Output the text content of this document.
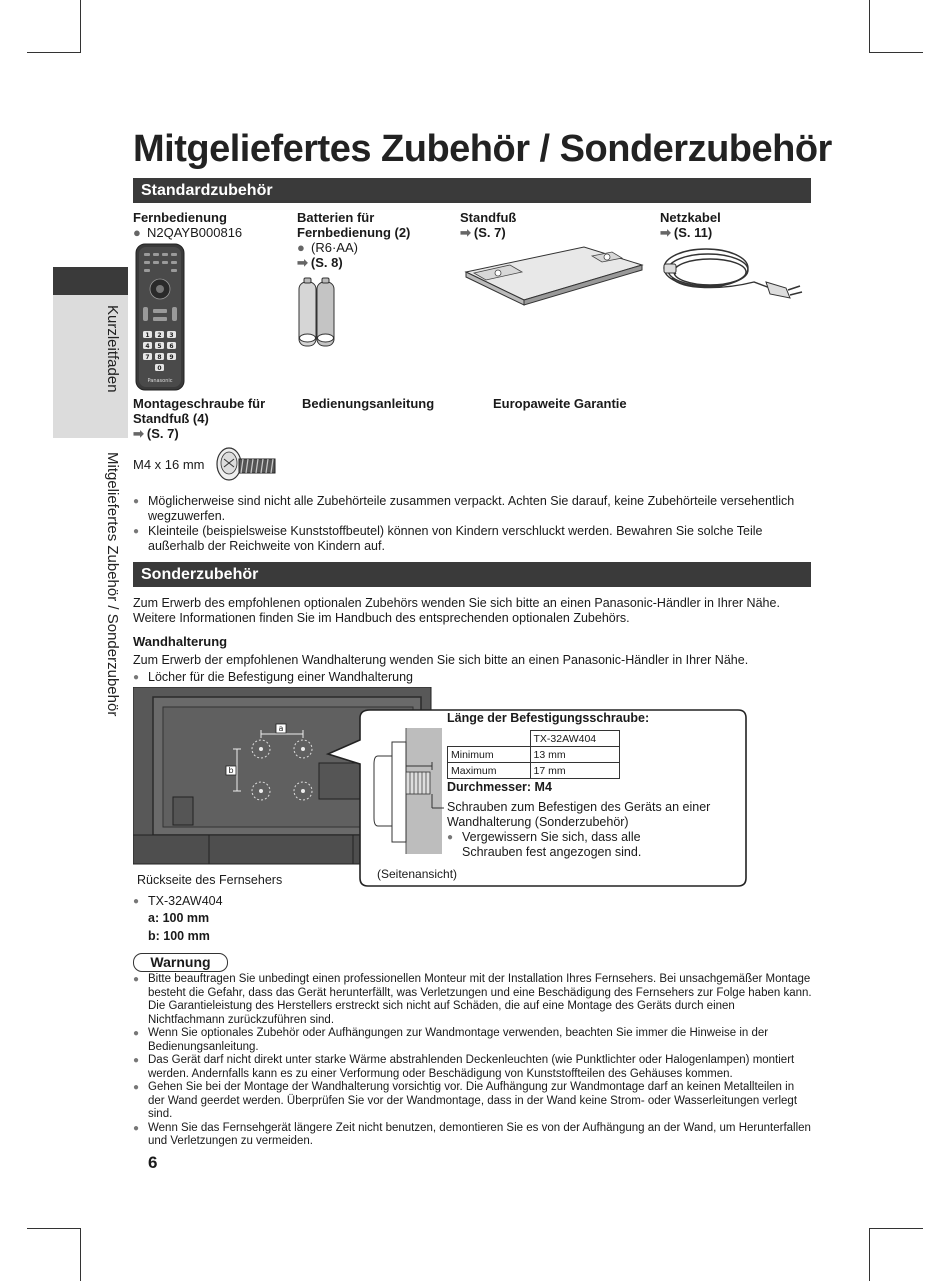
Kurzleitfaden
Mitgeliefertes Zubehör / Sonderzubehör
Mitgeliefertes Zubehör / Sonderzubehör
Standardzubehör
Fernbedienung
● N2QAYB000816
1 2 3
4 5 6
7 8 9
0
Panasonic
Batterien für
Fernbedienung (2)
● (R6·AA)
➡ (S. 8)
Standfuß
➡ (S. 7)
Netzkabel
➡ (S. 11)
Montageschraube für
Standfuß (4)
➡ (S. 7)
M4 x 16 mm
Bedienungsanleitung	Europaweite Garantie
● Möglicherweise sind nicht alle Zubehörteile zusammen verpackt. Achten Sie darauf, keine Zubehörteile versehentlich wegzuwerfen.
● Kleinteile (beispielsweise Kunststoffbeutel) können von Kindern verschluckt werden. Bewahren Sie solche Teile außerhalb der Reichweite von Kindern auf.
Sonderzubehör
Zum Erwerb des empfohlenen optionalen Zubehörs wenden Sie sich bitte an einen Panasonic-Händler in Ihrer Nähe.
Weitere Informationen finden Sie im Handbuch des entsprechenden optionalen Zubehörs.
Wandhalterung
Zum Erwerb der empfohlenen Wandhalterung wenden Sie sich bitte an einen Panasonic-Händler in Ihrer Nähe.
● Löcher für die Befestigung einer Wandhalterung
a
b
Länge der Befestigungsschraube:
	TX-32AW404
Minimum	13 mm
Maximum	17 mm
Durchmesser: M4
Schrauben zum Befestigen des Geräts an einer
Wandhalterung (Sonderzubehör)
● Vergewissern Sie sich, dass alle
Schrauben fest angezogen sind.
(Seitenansicht)
Rückseite des Fernsehers
● TX-32AW404
a: 100 mm
b: 100 mm
Warnung
● Bitte beauftragen Sie unbedingt einen professionellen Monteur mit der Installation Ihres Fernsehers. Bei unsachgemäßer Montage besteht die Gefahr, dass das Gerät herunterfällt, was Verletzungen und eine Beschädigung des Fernsehers zur Folge haben kann. Die Garantieleistung des Herstellers erstreckt sich nicht auf Schäden, die auf eine Montage des Geräts durch einen Nichtfachmann zurückzuführen sind.
● Wenn Sie optionales Zubehör oder Aufhängungen zur Wandmontage verwenden, beachten Sie immer die Hinweise in der Bedienungsanleitung.
● Das Gerät darf nicht direkt unter starke Wärme abstrahlenden Deckenleuchten (wie Punktlichter oder Halogenlampen) montiert werden. Andernfalls kann es zu einer Verformung oder Beschädigung von Kunststoffteilen des Gehäuses kommen.
● Gehen Sie bei der Montage der Wandhalterung vorsichtig vor. Die Aufhängung zur Wandmontage darf an keinen Metallteilen in der Wand geerdet werden. Überprüfen Sie vor der Wandmontage, dass in der Wand keine Strom- oder Wasserleitungen verlegt sind.
● Wenn Sie das Fernsehgerät längere Zeit nicht benutzen, demontieren Sie es von der Aufhängung an der Wand, um Herunterfallen und Verletzungen zu vermeiden.
6
